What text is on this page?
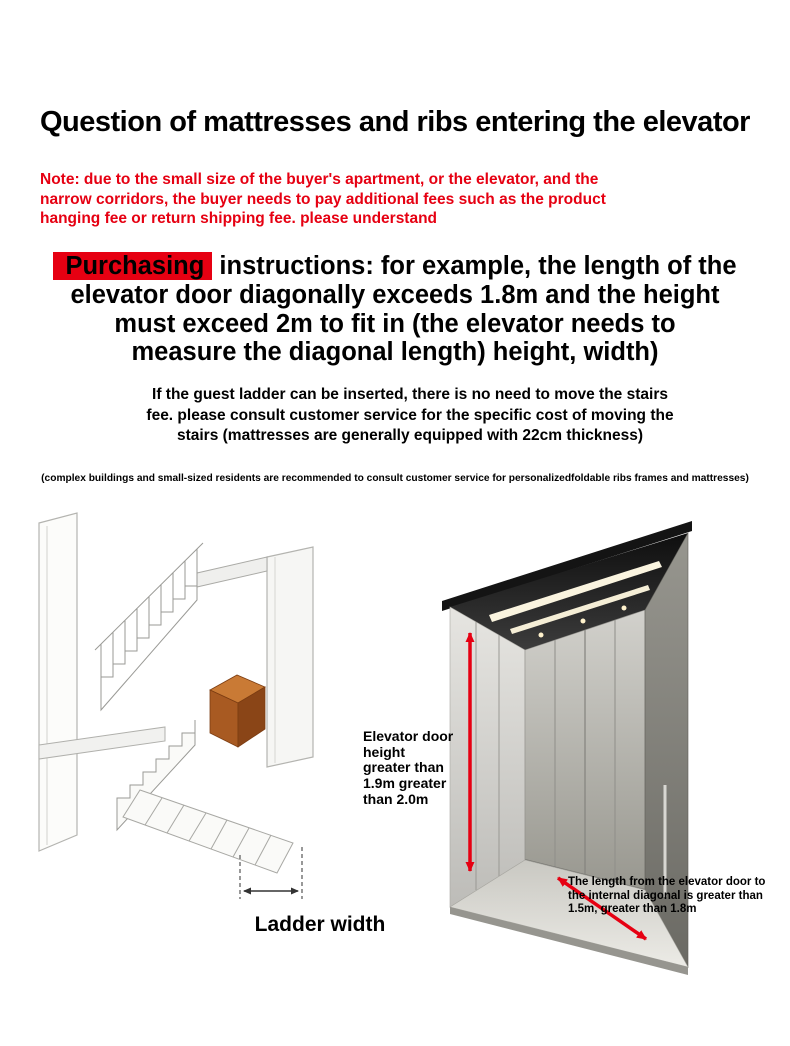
Question of mattresses and ribs entering the elevator
Note: due to the small size of the buyer's apartment, or the elevator, and the
narrow corridors, the buyer needs to pay additional fees such as the product
hanging fee or return shipping fee. please understand
Purchasing instructions: for example, the length of the
elevator door diagonally exceeds 1.8m and the height
must exceed 2m to fit in (the elevator needs to
measure the diagonal length) height, width)
If the guest ladder can be inserted, there is no need to move the stairs
fee. please consult customer service for the specific cost of moving the
stairs (mattresses are generally equipped with 22cm thickness)
(complex buildings and small-sized residents are recommended to consult customer service for personalizedfoldable ribs frames and mattresses)
Ladder width
Elevator door
height
greater than
1.9m greater
than 2.0m
The length from the elevator door to
the internal diagonal is greater than
1.5m, greater than 1.8m
